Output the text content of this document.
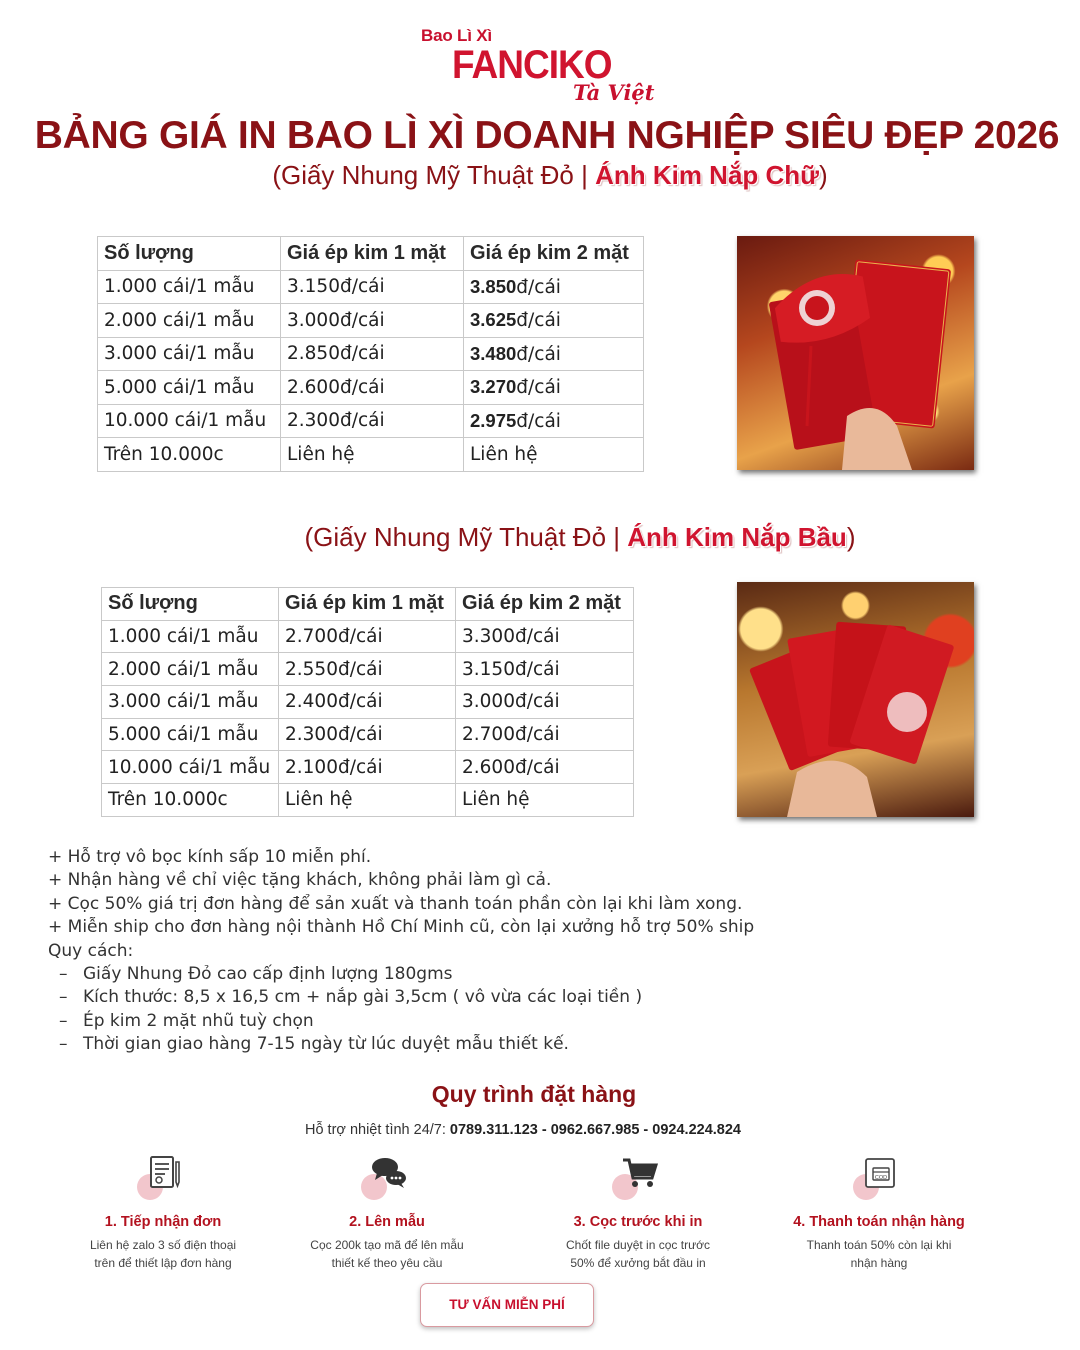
Bao Lì Xì
FANCIKO
Tà Việt
BẢNG GIÁ IN BAO LÌ XÌ DOANH NGHIỆP SIÊU ĐẸP 2026
(Giấy Nhung Mỹ Thuật Đỏ | Ánh Kim Nắp Chữ)
Số lượng	Giá ép kim 1 mặt	Giá ép kim 2 mặt
1.000 cái/1 mẫu	3.150đ/cái	3.850đ/cái
2.000 cái/1 mẫu	3.000đ/cái	3.625đ/cái
3.000 cái/1 mẫu	2.850đ/cái	3.480đ/cái
5.000 cái/1 mẫu	2.600đ/cái	3.270đ/cái
10.000 cái/1 mẫu	2.300đ/cái	2.975đ/cái
Trên 10.000c	Liên hệ	Liên hệ
(Giấy Nhung Mỹ Thuật Đỏ | Ánh Kim Nắp Bầu)
Số lượng	Giá ép kim 1 mặt	Giá ép kim 2 mặt
1.000 cái/1 mẫu	2.700đ/cái	3.300đ/cái
2.000 cái/1 mẫu	2.550đ/cái	3.150đ/cái
3.000 cái/1 mẫu	2.400đ/cái	3.000đ/cái
5.000 cái/1 mẫu	2.300đ/cái	2.700đ/cái
10.000 cái/1 mẫu	2.100đ/cái	2.600đ/cái
Trên 10.000c	Liên hệ	Liên hệ
+ Hỗ trợ vô bọc kính sấp 10 miễn phí.
+ Nhận hàng về chỉ việc tặng khách, không phải làm gì cả.
+ Cọc 50% giá trị đơn hàng để sản xuất và thanh toán phần còn lại khi làm xong.
+ Miễn ship cho đơn hàng nội thành Hồ Chí Minh cũ, còn lại xưởng hỗ trợ 50% ship
Quy cách:
– Giấy Nhung Đỏ cao cấp định lượng 180gms
– Kích thước: 8,5 x 16,5 cm + nắp gài 3,5cm ( vô vừa các loại tiền )
– Ép kim 2 mặt nhũ tuỳ chọn
– Thời gian giao hàng 7-15 ngày từ lúc duyệt mẫu thiết kế.
Quy trình đặt hàng
Hỗ trợ nhiệt tình 24/7: 0789.311.123 - 0962.667.985 - 0924.224.824
1. Tiếp nhận đơn
Liên hệ zalo 3 số điện thoại
trên để thiết lập đơn hàng
2. Lên mẫu
Cọc 200k tạo mã để lên mẫu
thiết kế theo yêu cầu
3. Cọc trước khi in
Chốt file duyệt in cọc trước
50% để xưởng bắt đầu in
COD
4. Thanh toán nhận hàng
Thanh toán 50% còn lại khi
nhận hàng
TƯ VẤN MIỄN PHÍ
